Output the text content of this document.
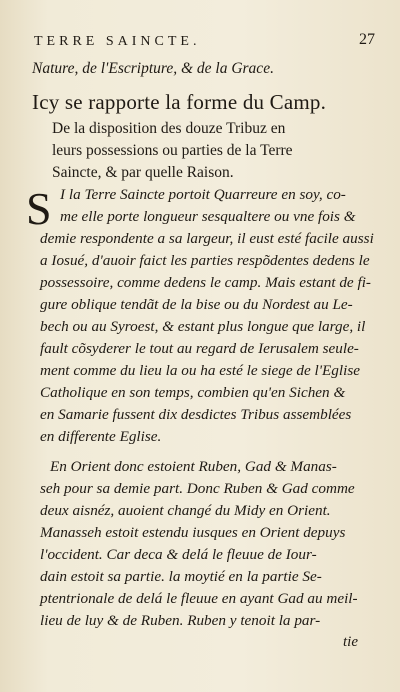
TERRE SAINCTE.	27
Nature, de l'Escripture, & de la Grace.
Icy se rapporte la forme du Camp.
De la disposition des douze Tribuz en
leurs possessions ou parties de la Terre
Saincte, & par quelle Raison.
S I la Terre Saincte portoit Quarreure en soy, co-
me elle porte longueur sesqualtere ou vne fois &
demie respondente a sa largeur, il eust esté facile aussi
a Iosué, d'auoir faict les parties respõdentes dedens le
possessoire, comme dedens le camp. Mais estant de fi-
gure oblique tendãt de la bise ou du Nordest au Le-
bech ou au Syroest, & estant plus longue que large, il
fault cõsyderer le tout au regard de Ierusalem seule-
ment comme du lieu la ou ha esté le siege de l'Eglise
Catholique en son temps, combien qu'en Sichen &
en Samarie fussent dix desdictes Tribus assemblées
en differente Eglise.
En Orient donc estoient Ruben, Gad & Manas-
seh pour sa demie part. Donc Ruben & Gad comme
deux aisnéz, auoient changé du Midy en Orient.
Manasseh estoit estendu iusques en Orient depuys
l'occident. Car deca & delá le fleuue de Iour-
dain estoit sa partie. la moytié en la partie Se-
ptentrionale de delá le fleuue en ayant Gad au meil-
lieu de luy & de Ruben. Ruben y tenoit la par-
tie
